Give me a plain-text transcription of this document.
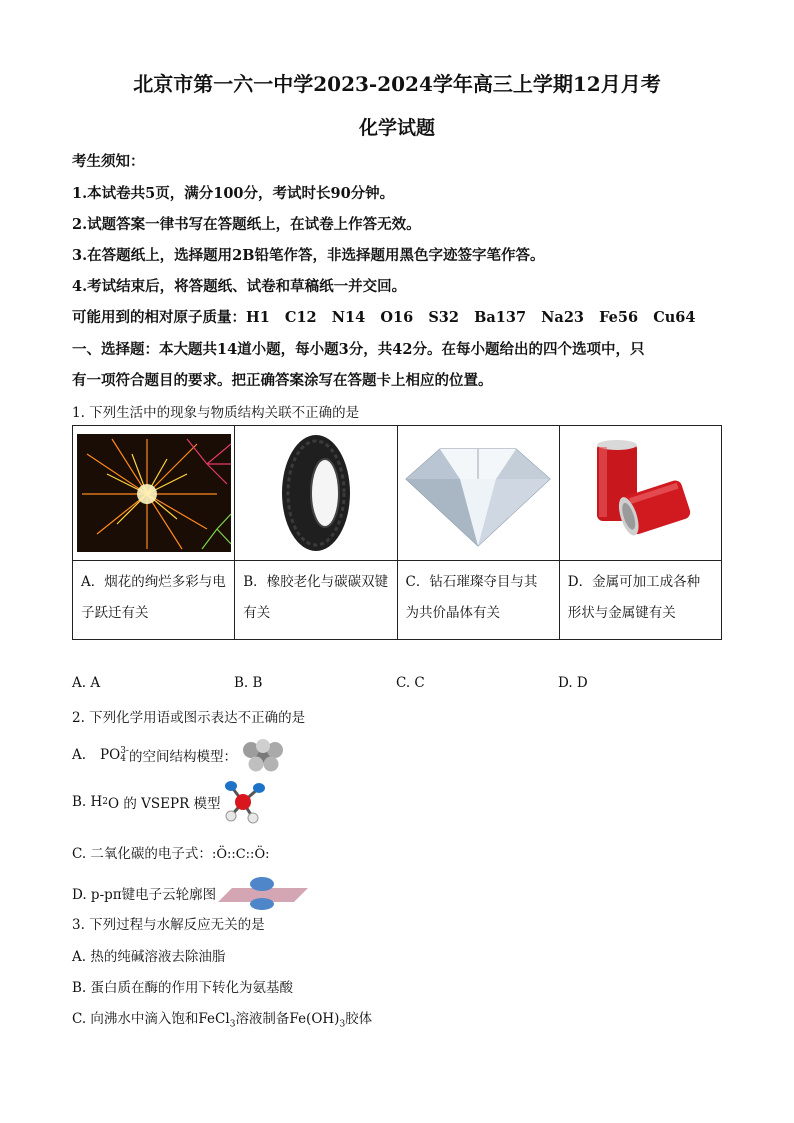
北京市第一六一中学2023-2024学年高三上学期12月月考
化学试题
考生须知：
1.本试卷共5页，满分100分，考试时长90分钟。
2.试题答案一律书写在答题纸上，在试卷上作答无效。
3.在答题纸上，选择题用2B铅笔作答，非选择题用黑色字迹签字笔作答。
4.考试结束后，将答题纸、试卷和草稿纸一并交回。
可能用到的相对原子质量：H1   C12   N14   O16   S32   Ba137   Na23   Fe56   Cu64
一、选择题：本大题共14道小题，每小题3分，共42分。在每小题给出的四个选项中，只
有一项符合题目的要求。把正确答案涂写在答题卡上相应的位置。
1. 下列生活中的现象与物质结构关联不正确的是

A．烟花的绚烂多彩与电子跃迁有关	B．橡胶老化与碳碳双键有关	C．钻石璀璨夺目与其为共价晶体有关	D．金属可加工成各种形状与金属键有关
A. A	B. B	C. C	D. D
2. 下列化学用语或图示表达不正确的是
A. PO 3-
4 的空间结构模型：
B. H 2 O 的 VSEPR 模型
C. 二氧化碳的电子式：:Ö::C::Ö:
D. p-pπ键电子云轮廓图
3. 下列过程与水解反应无关的是
A. 热的纯碱溶液去除油脂
B. 蛋白质在酶的作用下转化为氨基酸
C. 向沸水中滴入饱和FeCl$_3$溶液制备$Fe(OH)_3$胶体
